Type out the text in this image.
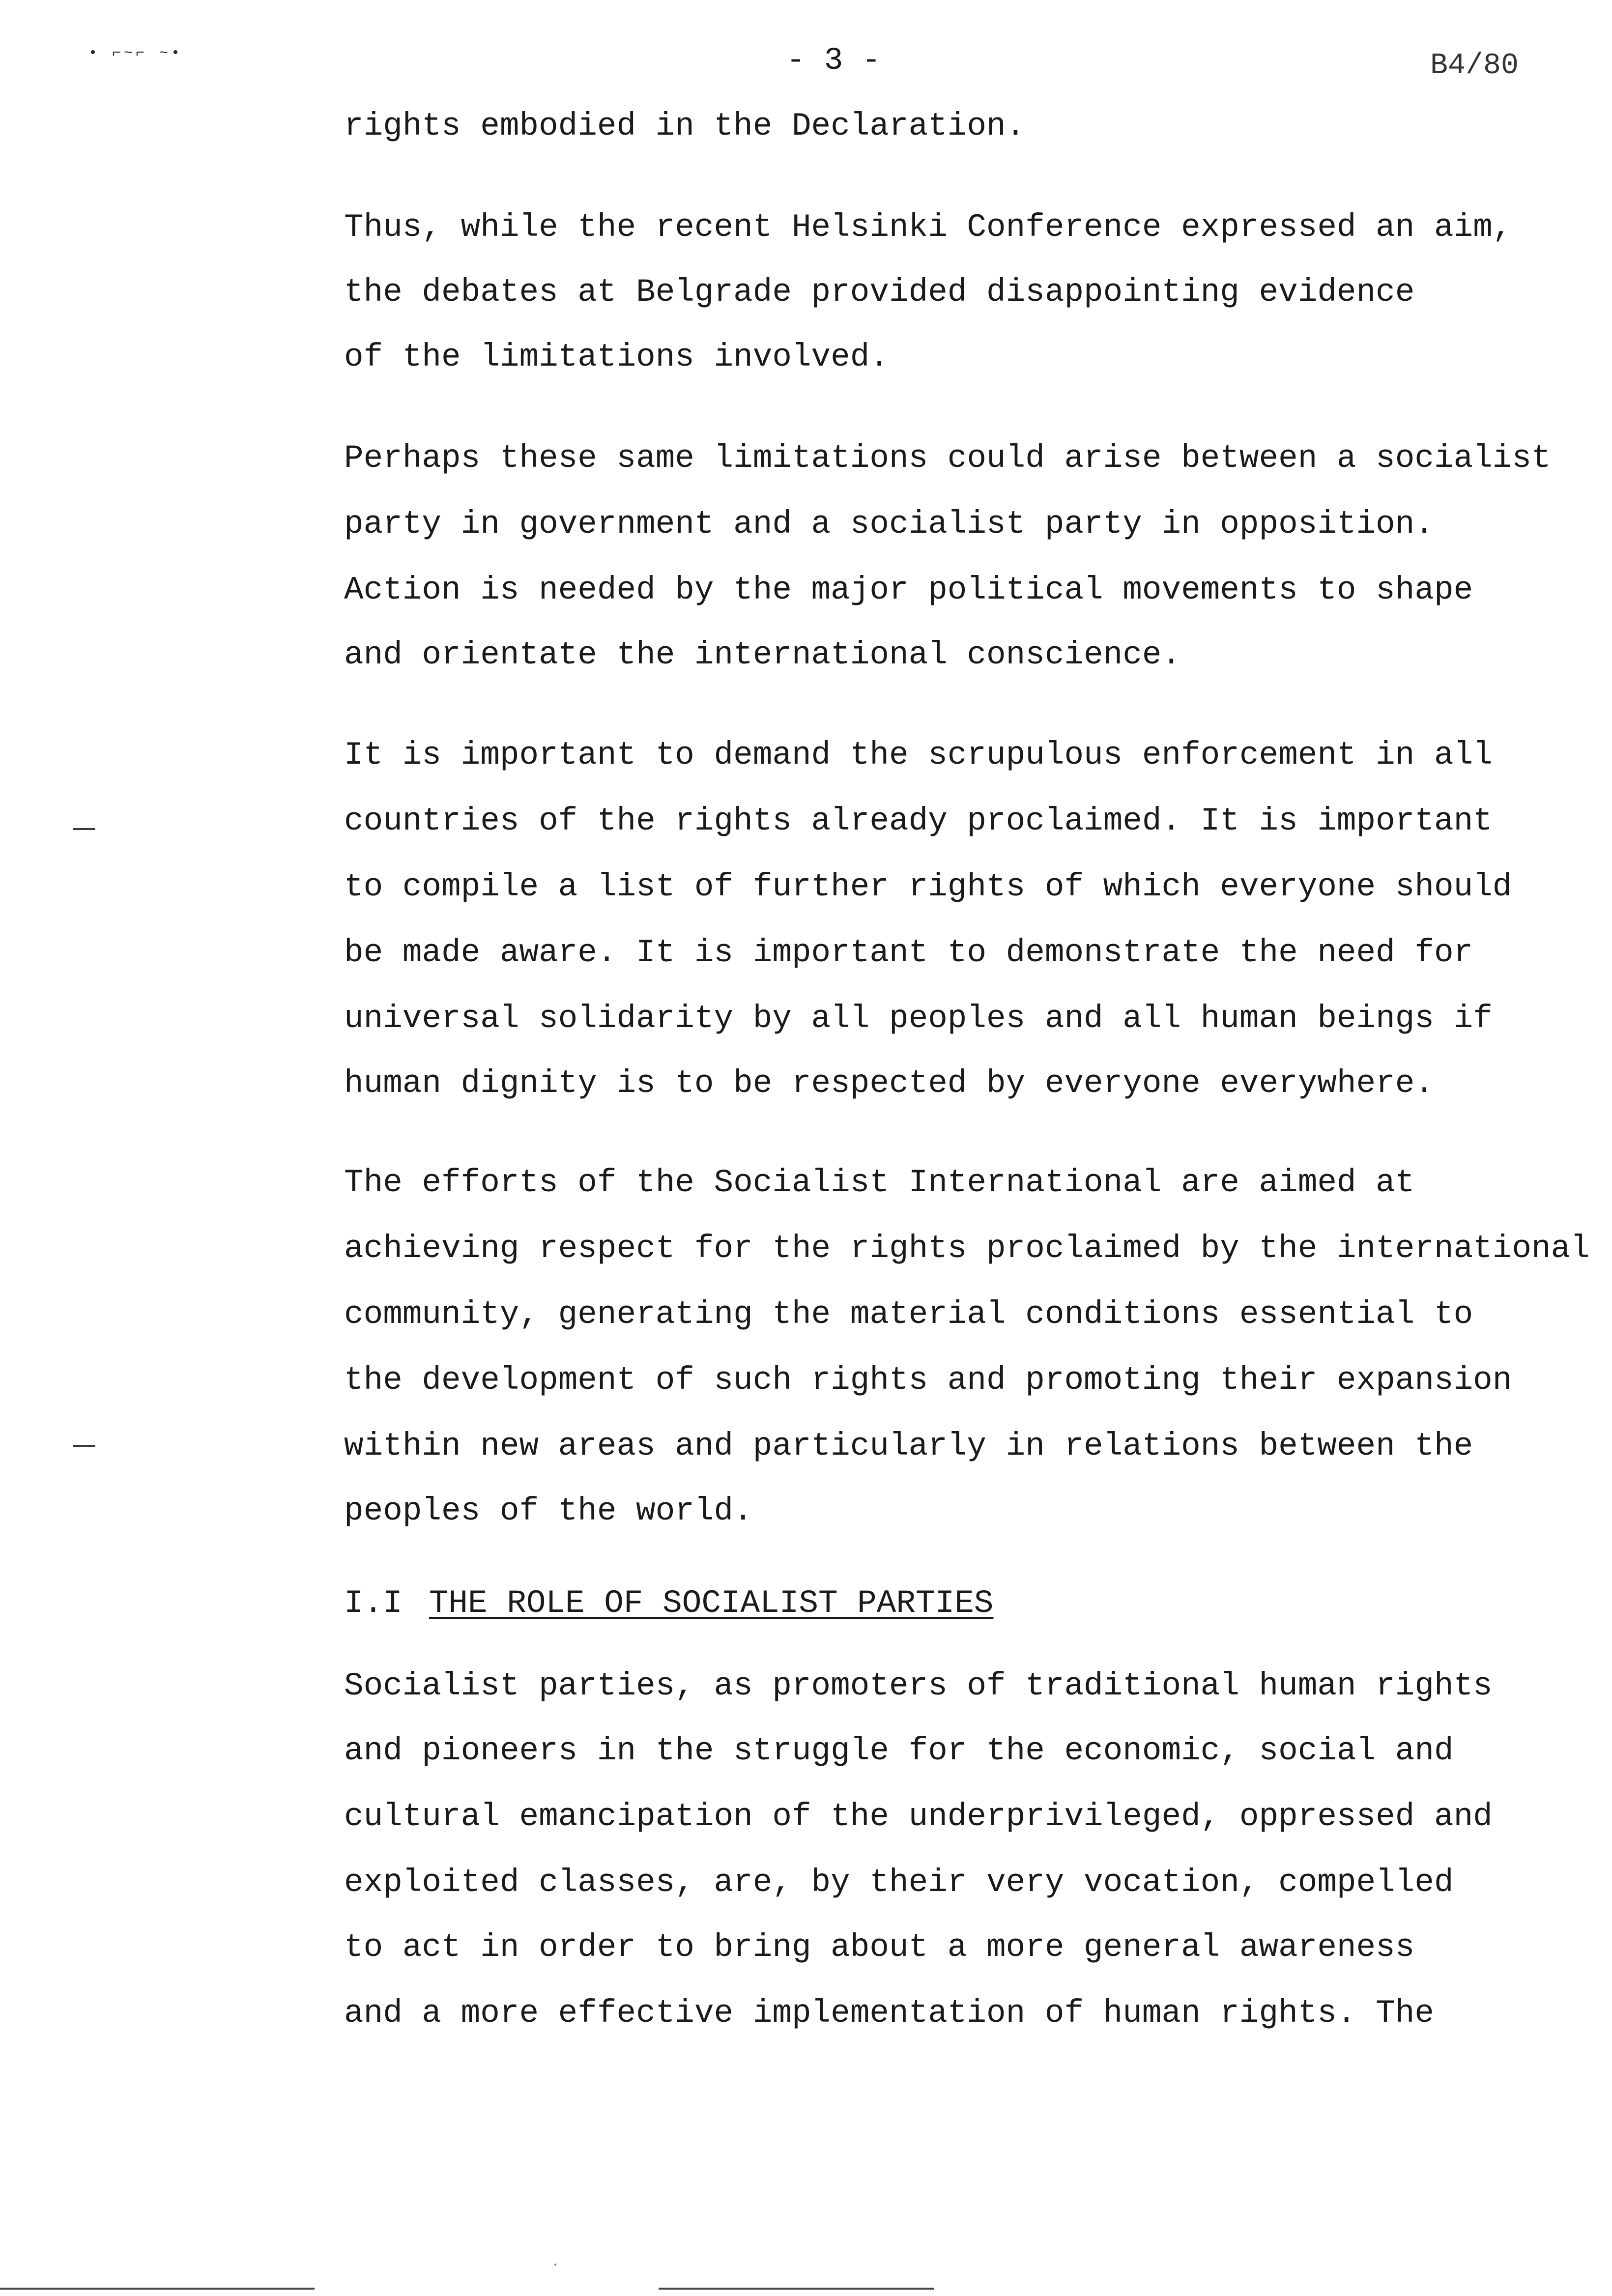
• ⌐~⌐ ~•	- 3 -	B4/80
rights embodied in the Declaration.
Thus, while the recent Helsinki Conference expressed an aim,
the debates at Belgrade provided disappointing evidence
of the limitations involved.
Perhaps these same limitations could arise between a socialist
party in government and a socialist party in opposition.
Action is needed by the major political movements to shape
and orientate the international conscience.
It is important to demand the scrupulous enforcement in all
countries of the rights already proclaimed. It is important
to compile a list of further rights of which everyone should
be made aware. It is important to demonstrate the need for
universal solidarity by all peoples and all human beings if
human dignity is to be respected by everyone everywhere.
The efforts of the Socialist International are aimed at
achieving respect for the rights proclaimed by the international
community, generating the material conditions essential to
the development of such rights and promoting their expansion
within new areas and particularly in relations between the
peoples of the world.
I.I THE ROLE OF SOCIALIST PARTIES
Socialist parties, as promoters of traditional human rights
and pioneers in the struggle for the economic, social and
cultural emancipation of the underprivileged, oppressed and
exploited classes, are, by their very vocation, compelled
to act in order to bring about a more general awareness
and a more effective implementation of human rights. The
